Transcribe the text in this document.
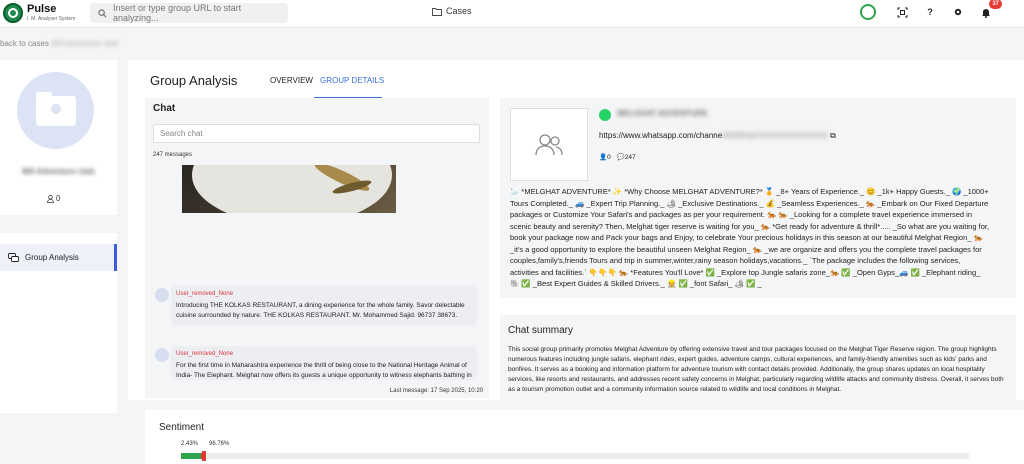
Pulse
I. M. Analyser System
Insert or type group URL to start analyzing...
Cases	?
37
back to cases MA Adventure club
MA Adventure club
0
Group Analysis
Group Analysis	OVERVIEW GROUP DETAILS
Chat
Search chat
247 messages
User_removed_None
Introducing THE KOLKAS RESTAURANT, a dining experience for the whole family. Savor delectable cuisine surrounded by nature. THE KOLKAS RESTAURANT. Mr. Mohammed Sajid. 96737 38673.
User_removed_None
For the first time in Maharashtra experience the thrill of being close to the National Heritage Animal of India- The Elephant. Melghat now offers its guests a unique opportunity to witness elephants bathing in
Last message: 17 Sep 2025, 10:20
MELGHAT ADVENTURE
https://www.whatsapp.com/channel/0029VaXXXXXXXXXXXXXX ⧉
👤0 💬247
🦢 *MELGHAT ADVENTURE* ✨ *Why Choose MELGHAT ADVENTURE?* 🏅 _8+ Years of Experience._ 😊 _1k+ Happy Guests._ 🌍 _1000+ Tours Completed._ 🚙 _Expert Trip Planning._ 🏕 _Exclusive Destinations._ 💰 _Seamless Experiences._ 🐅 _Embark on Our Fixed Departure packages or Customize Your Safari's and packages as per your requirement. 🐅 🐅 _Looking for a complete travel experience immersed in scenic beauty and serenity? Then, Melghat tiger reserve is waiting for you_ 🐅 *Get ready for adventure & thrill*..... _So what are you waiting for, book your package now and Pack your bags and Enjoy, to celebrate Your precious holidays in this season at our beautiful Melghat Region_ 🐅 _it's a good opportunity to explore the beautiful unseen Melghat Region_ 🐅 _we are organize and offers you the complete travel packages for couples,family's,friends Tours and trip in summer,winter,rainy season holidays,vacations._ `The package includes the following services, activities and facilities.` 👇👇👇 🐅 *Features You'll Love* ✅ _Explore top Jungle safaris zone_🐅 ✅ _Open Gyps_🚙 ✅ _Elephant riding_ 🐘 ✅ _Best Expert Guides & Skilled Drivers._ 👷 ✅ _font Safari_ 🏕 ✅ _
Chat summary
This social group primarily promotes Melghat Adventure by offering extensive travel and tour packages focused on the Melghat Tiger Reserve region. The group highlights numerous features including jungle safaris, elephant rides, expert guides, adventure camps, cultural experiences, and family-friendly amenities such as kids' parks and bonfires. It serves as a booking and information platform for adventure tourism with contact details provided. Additionally, the group shares updates on local hospitality services, like resorts and restaurants, and addresses recent safety concerns in Melghat, particularly regarding wildlife attacks and community distress. Overall, it serves both as a tourism promotion outlet and a community information source related to wildlife and local conditions in Melghat.
Sentiment
2.43% 96.76%
